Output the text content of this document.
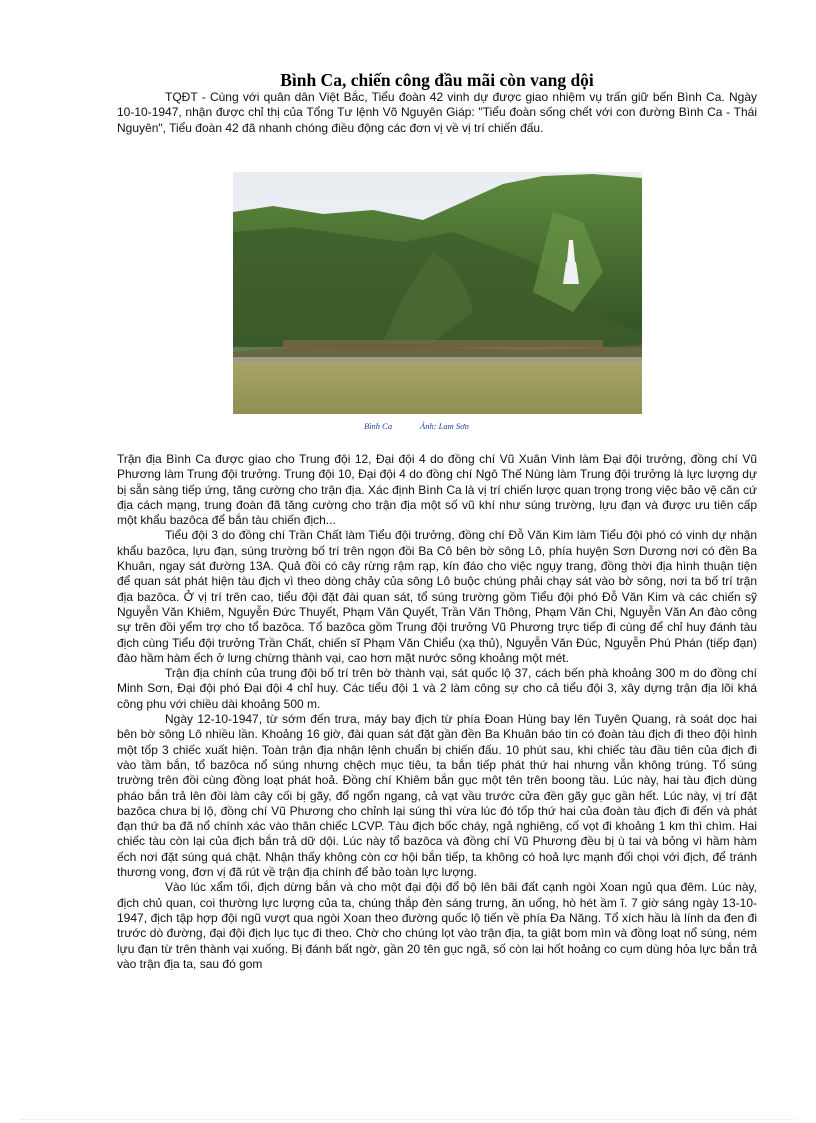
Bình Ca, chiến công đầu mãi còn vang dội

TQĐT - Cùng với quân dân Việt Bắc, Tiểu đoàn 42 vinh dự được giao nhiệm vụ trấn giữ bến Bình Ca. Ngày 10-10-1947, nhận được chỉ thị của Tổng Tư lệnh Võ Nguyên Giáp: "Tiểu đoàn sống chết với con đường Bình Ca - Thái Nguyên", Tiểu đoàn 42 đã nhanh chóng điều động các đơn vị về vị trí chiến đấu.

Bình Ca	Ảnh: Lam Sơn

Trận địa Bình Ca được giao cho Trung đội 12, Đại đội 4 do đồng chí Vũ Xuân Vinh làm Đại đội trưởng, đồng chí Vũ Phương làm Trung đội trưởng. Trung đội 10, Đại đội 4 do đồng chí Ngô Thế Nùng làm Trung đội trưởng là lực lượng dự bị sẵn sàng tiếp ứng, tăng cường cho trận địa. Xác định Bình Ca là vị trí chiến lược quan trọng trong việc bảo vệ căn cứ địa cách mạng, trung đoàn đã tăng cường cho trận địa một số vũ khí như súng trường, lựu đạn và được ưu tiên cấp một khẩu bazôca để bắn tàu chiến địch...

Tiểu đội 3 do đồng chí Trần Chất làm Tiểu đội trưởng, đồng chí Đỗ Văn Kim làm Tiểu đội phó có vinh dự nhận khẩu bazôca, lựu đạn, súng trường bố trí trên ngọn đồi Ba Cô bên bờ sông Lô, phía huyện Sơn Dương nơi có đền Ba Khuân, ngay sát đường 13A. Quả đồi có cây rừng rậm rạp, kín đáo cho việc ngụy trang, đồng thời địa hình thuận tiện để quan sát phát hiện tàu địch vì theo dòng chảy của sông Lô buộc chúng phải chạy sát vào bờ sông, nơi ta bố trí trận địa bazôca. Ở vị trí trên cao, tiểu đội đặt đài quan sát, tổ súng trường gồm Tiểu đội phó Đỗ Văn Kim và các chiến sỹ Nguyễn Văn Khiêm, Nguyễn Đức Thuyết, Phạm Văn Quyết, Trần Văn Thông, Phạm Văn Chi, Nguyễn Văn An đào công sự trên đồi yểm trợ cho tổ bazôca. Tổ bazôca gồm Trung đội trưởng Vũ Phương trực tiếp đi cùng để chỉ huy đánh tàu địch cùng Tiểu đội trưởng Trần Chất, chiến sĩ Phạm Văn Chiểu (xạ thủ), Nguyễn Văn Đúc, Nguyễn Phú Phán (tiếp đạn) đào hầm hàm ếch ở lưng chừng thành vại, cao hơn mặt nước sông khoảng một mét.

Trận địa chính của trung đội bố trí trên bờ thành vại, sát quốc lộ 37, cách bến phà khoảng 300 m do đồng chí Minh Sơn, Đại đội phó Đại đội 4 chỉ huy. Các tiểu đội 1 và 2 làm công sự cho cả tiểu đội 3, xây dựng trận địa lõi khá công phu với chiều dài khoảng 500 m.

Ngày 12-10-1947, từ sớm đến trưa, máy bay địch từ phía Đoan Hùng bay lên Tuyên Quang, rà soát dọc hai bên bờ sông Lô nhiều lần. Khoảng 16 giờ, đài quan sát đặt gần đền Ba Khuân báo tin có đoàn tàu địch đi theo đội hình một tốp 3 chiếc xuất hiện. Toàn trận địa nhận lệnh chuẩn bị chiến đấu. 10 phút sau, khi chiếc tàu đầu tiên của địch đi vào tầm bắn, tổ bazôca nổ súng nhưng chệch mục tiêu, ta bắn tiếp phát thứ hai nhưng vẫn không trúng. Tổ súng trường trên đồi cùng đồng loạt phát hoả. Đồng chí Khiêm bắn gục một tên trên boong tầu. Lúc này, hai tàu địch dùng pháo bắn trả lên đồi làm cây cối bị gãy, đổ ngổn ngang, cả vạt vầu trước cửa đền gãy gục gần hết. Lúc này, vị trí đặt bazôca chưa bị lộ, đồng chí Vũ Phương cho chỉnh lại súng thì vừa lúc đó tốp thứ hai của đoàn tàu địch đi đến và phát đạn thứ ba đã nổ chính xác vào thân chiếc LCVP. Tàu địch bốc cháy, ngả nghiêng, cố vọt đi khoảng 1 km thì chìm. Hai chiếc tàu còn lại của địch bắn trả dữ dội. Lúc này tổ bazôca và đồng chí Vũ Phương đều bị ù tai và bỏng vì hầm hàm ếch nơi đặt súng quá chật. Nhận thấy không còn cơ hội bắn tiếp, ta không có hoả lực mạnh đối chọi với địch, để tránh thương vong, đơn vị đã rút về trận địa chính để bảo toàn lực lượng.

Vào lúc xẩm tối, địch dừng bắn và cho một đại đội đổ bộ lên bãi đất cạnh ngòi Xoan ngủ qua đêm. Lúc này, địch chủ quan, coi thường lực lượng của ta, chúng thắp đèn sáng trưng, ăn uống, hò hét ầm ĩ. 7 giờ sáng ngày 13-10-1947, địch tập hợp đội ngũ vượt qua ngòi Xoan theo đường quốc lộ tiến về phía Đa Năng. Tổ xích hầu là lính da đen đi trước dò đường, đại đội địch lục tục đi theo. Chờ cho chúng lọt vào trận địa, ta giật bom mìn và đồng loạt nổ súng, ném lựu đạn từ trên thành vại xuống. Bị đánh bất ngờ, gần 20 tên gục ngã, số còn lại hốt hoảng co cụm dùng hỏa lực bắn trả vào trận địa ta, sau đó gom
